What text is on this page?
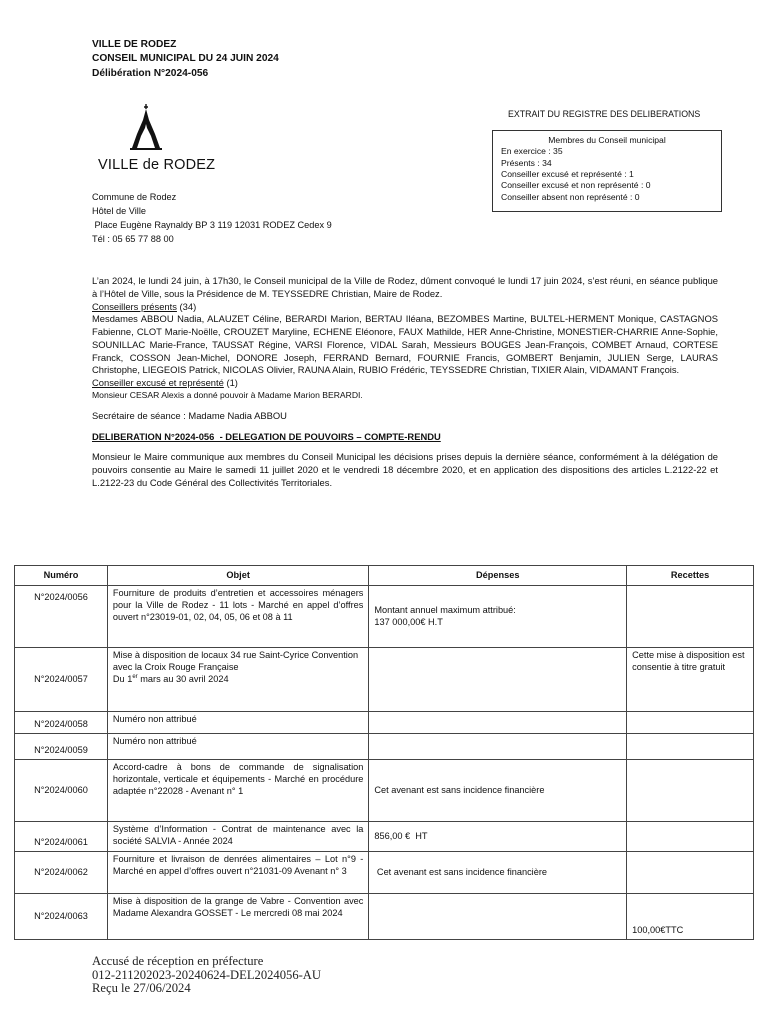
VILLE DE RODEZ
CONSEIL MUNICIPAL DU 24 JUIN 2024
Délibération N°2024-056
VILLE de RODEZ
EXTRAIT DU REGISTRE DES DELIBERATIONS
Membres du Conseil municipal
En exercice : 35
Présents : 34
Conseiller excusé et représenté : 1
Conseiller excusé et non représenté : 0
Conseiller absent non représenté : 0
Commune de Rodez
Hôtel de Ville
Place Eugène Raynaldy BP 3 119 12031 RODEZ Cedex 9
Tél : 05 65 77 88 00

L’an 2024, le lundi 24 juin, à 17h30, le Conseil municipal de la Ville de Rodez, dûment convoqué le lundi 17 juin 2024, s’est réuni, en séance publique à l’Hôtel de Ville, sous la Présidence de M. TEYSSEDRE Christian, Maire de Rodez.

Conseillers présents (34)

Mesdames ABBOU Nadia, ALAUZET Céline, BERARDI Marion, BERTAU Iléana, BEZOMBES Martine, BULTEL-HERMENT Monique, CASTAGNOS Fabienne, CLOT Marie-Noëlle, CROUZET Maryline, ECHENE Eléonore, FAUX Mathilde, HER Anne-Christine, MONESTIER-CHARRIE Anne-Sophie, SOUNILLAC Marie-France, TAUSSAT Régine, VARSI Florence, VIDAL Sarah, Messieurs BOUGES Jean-François, COMBET Arnaud, CORTESE Franck, COSSON Jean-Michel, DONORE Joseph, FERRAND Bernard, FOURNIE Francis, GOMBERT Benjamin, JULIEN Serge, LAURAS Christophe, LIEGEOIS Patrick, NICOLAS Olivier, RAUNA Alain, RUBIO Frédéric, TEYSSEDRE Christian, TIXIER Alain, VIDAMANT François.

Conseiller excusé et représenté (1)

Monsieur CESAR Alexis a donné pouvoir à Madame Marion BERARDI.

Secrétaire de séance : Madame Nadia ABBOU

DELIBERATION N°2024-056  - DELEGATION DE POUVOIRS – COMPTE-RENDU

Monsieur le Maire communique aux membres du Conseil Municipal les décisions prises depuis la dernière séance, conformément à la délégation de pouvoirs consentie au Maire le samedi 11 juillet 2020 et le vendredi 18 décembre 2020, et en application des dispositions des articles L.2122-22 et L.2122-23 du Code Général des Collectivités Territoriales.

Numéro	Objet	Dépenses	Recettes
N°2024/0056	Fourniture de produits d’entretien et accessoires ménagers pour la Ville de Rodez - 11 lots - Marché en appel d’offres ouvert n°23019-01, 02, 04, 05, 06 et 08 à 11	Montant annuel maximum attribué:
137 000,00€ H.T	
N°2024/0057	Mise à disposition de locaux 34 rue Saint-Cyrice Convention avec la Croix Rouge Française
Du 1er mars au 30 avril 2024		Cette mise à disposition est consentie à titre gratuit
N°2024/0058	Numéro non attribué		
N°2024/0059	Numéro non attribué		
N°2024/0060	Accord-cadre à bons de commande de signalisation horizontale, verticale et équipements - Marché en procédure adaptée n°22028 - Avenant n° 1	Cet avenant est sans incidence financière	
N°2024/0061	Système d’Information - Contrat de maintenance avec la société SALVIA - Année 2024	856,00 €  HT	
N°2024/0062	Fourniture et livraison de denrées alimentaires – Lot n°9 - Marché en appel d’offres ouvert n°21031-09 Avenant n° 3	Cet avenant est sans incidence financière	
N°2024/0063	Mise à disposition de la grange de Vabre - Convention avec Madame Alexandra GOSSET - Le mercredi 08 mai 2024		100,00€TTC
Accusé de réception en préfecture
012-211202023-20240624-DEL2024056-AU
Reçu le 27/06/2024
